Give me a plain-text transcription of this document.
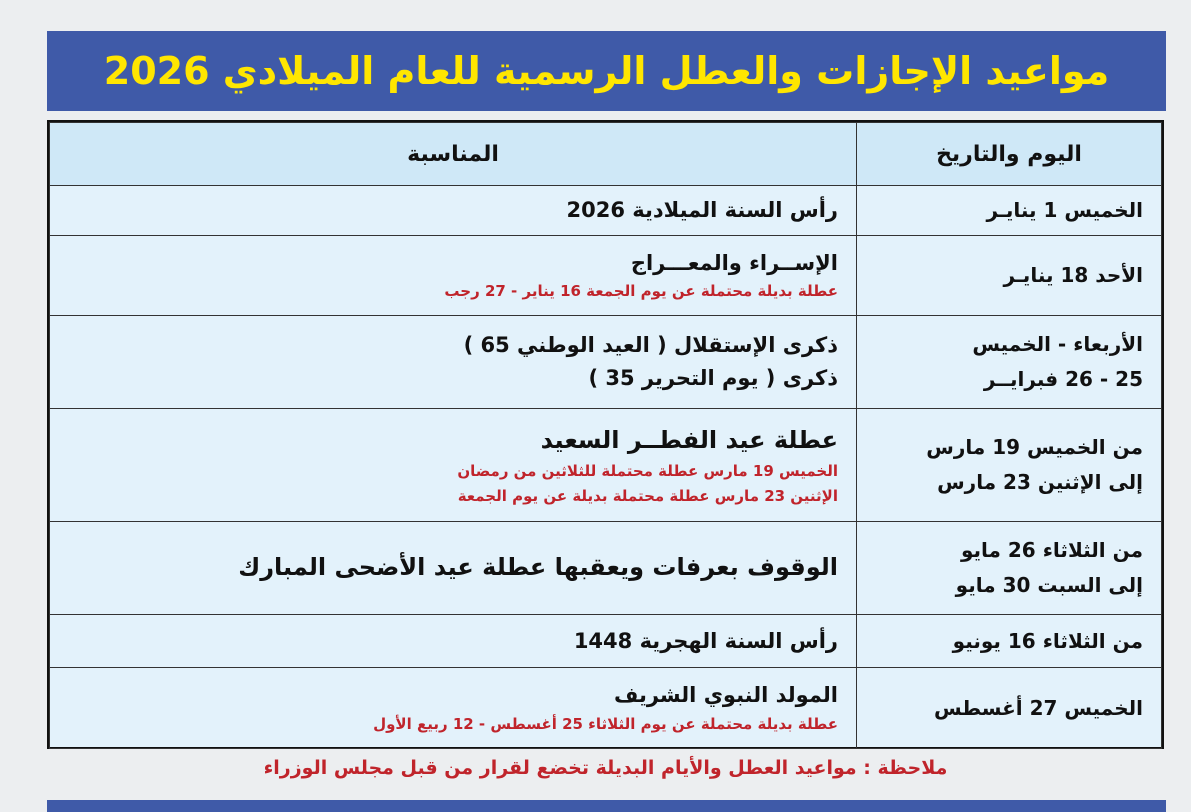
مواعيد الإجازات والعطل الرسمية للعام الميلادي 2026
اليوم والتاريخ	المناسبة
الخميس 1 ينايـر	رأس السنة الميلادية 2026

الأحد 18 ينايـر	الإســراء والمعـــراج
عطلة بديلة محتملة عن يوم الجمعة 16 يناير - 27 رجب

الأربعاء - الخميس
25 - 26 فبرايــر	ذكرى الإستقلال ( العيد الوطني 65 )
ذكرى ( يوم التحرير 35 )

من الخميس 19 مارس
إلى الإثنين 23 مارس	عطلة عيد الفطــر السعيد
الخميس 19 مارس عطلة محتملة للثلاثين من رمضان
الإثنين 23 مارس عطلة محتملة بديلة عن يوم الجمعة

من الثلاثاء 26 مايو
إلى السبت 30 مايو	الوقوف بعرفات ويعقبها عطلة عيد الأضحى المبارك

من الثلاثاء 16 يونيو	رأس السنة الهجرية 1448

الخميس 27 أغسطس	المولد النبوي الشريف
عطلة بديلة محتملة عن يوم الثلاثاء 25 أغسطس - 12 ربيع الأول
ملاحظة : مواعيد العطل والأيام البديلة تخضع لقرار من قبل مجلس الوزراء
